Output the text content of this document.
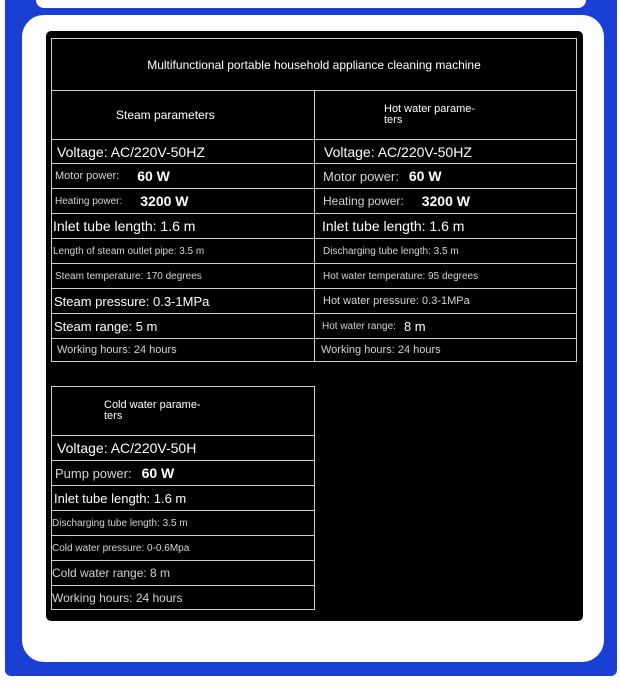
Multifunctional portable household appliance cleaning machine
Steam parameters
Voltage: AC/220V-50HZ
Motor power: 60 W
Heating power: 3200 W
Inlet tube length: 1.6 m
Length of steam outlet pipe: 3.5 m
Steam temperature: 170 degrees
Steam pressure: 0.3-1MPa
Steam range: 5 m
Working hours: 24 hours
Hot water parame-
ters
Voltage: AC/220V-50HZ
Motor power: 60 W
Heating power: 3200 W
Inlet tube length: 1.6 m
Discharging tube length: 3.5 m
Hot water temperature: 95 degrees
Hot water pressure: 0.3-1MPa
Hot water range: 8 m
Working hours: 24 hours
Cold water parame-
ters
Voltage: AC/220V-50H
Pump power: 60 W
Inlet tube length: 1.6 m
Discharging tube length: 3.5 m
Cold water pressure: 0-0.6Mpa
Cold water range: 8 m
Working hours: 24 hours
